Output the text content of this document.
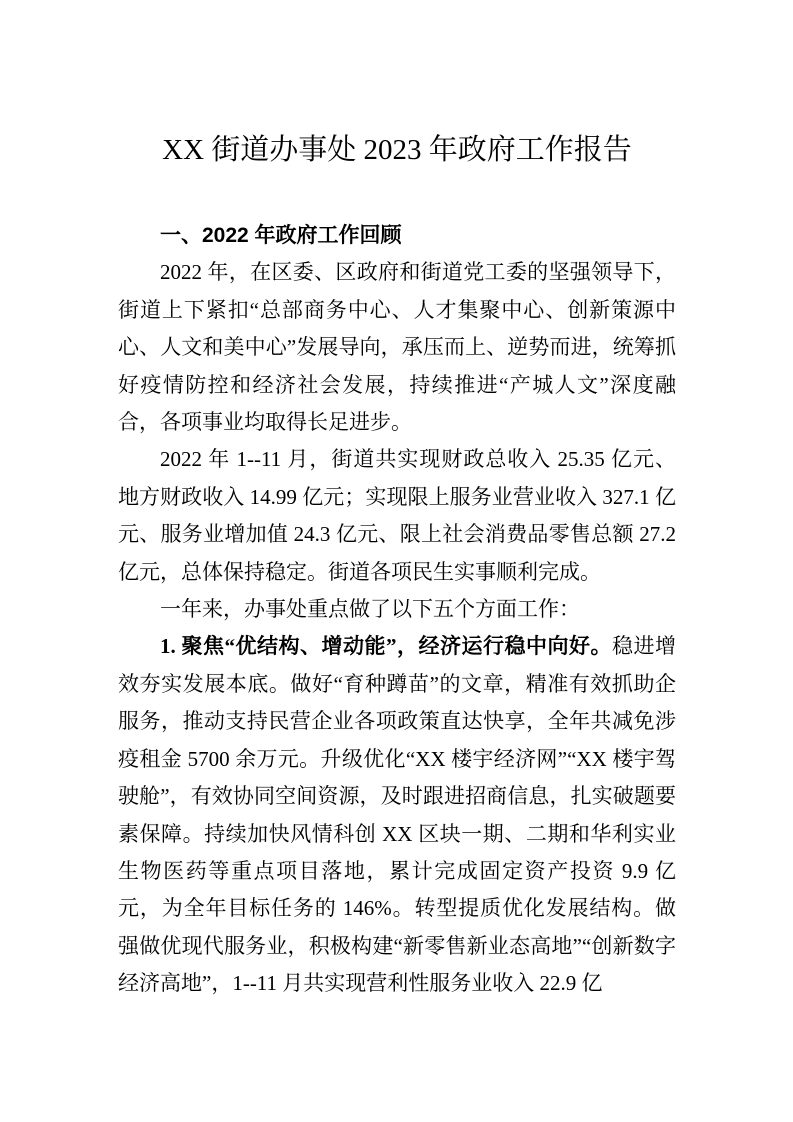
XX 街道办事处 2023 年政府工作报告

一、2022 年政府工作回顾

2022 年，在区委、区政府和街道党工委的坚强领导下，街道上下紧扣“总部商务中心、人才集聚中心、创新策源中心、人文和美中心”发展导向，承压而上、逆势而进，统筹抓好疫情防控和经济社会发展，持续推进“产城人文”深度融合，各项事业均取得长足进步。

2022 年 1--11 月，街道共实现财政总收入 25.35 亿元、地方财政收入 14.99 亿元；实现限上服务业营业收入 327.1 亿元、服务业增加值 24.3 亿元、限上社会消费品零售总额 27.2 亿元，总体保持稳定。街道各项民生实事顺利完成。

一年来，办事处重点做了以下五个方面工作：

1. 聚焦“优结构、增动能”，经济运行稳中向好。稳进增效夯实发展本底。做好“育种蹲苗”的文章，精准有效抓助企服务，推动支持民营企业各项政策直达快享，全年共减免涉疫租金 5700 余万元。升级优化“XX 楼宇经济网”“XX 楼宇驾驶舱”，有效协同空间资源，及时跟进招商信息，扎实破题要素保障。持续加快风情科创 XX 区块一期、二期和华利实业生物医药等重点项目落地，累计完成固定资产投资 9.9 亿元，为全年目标任务的 146%。转型提质优化发展结构。做强做优现代服务业，积极构建“新零售新业态高地”“创新数字经济高地”，1--11 月共实现营利性服务业收入 22.9 亿
